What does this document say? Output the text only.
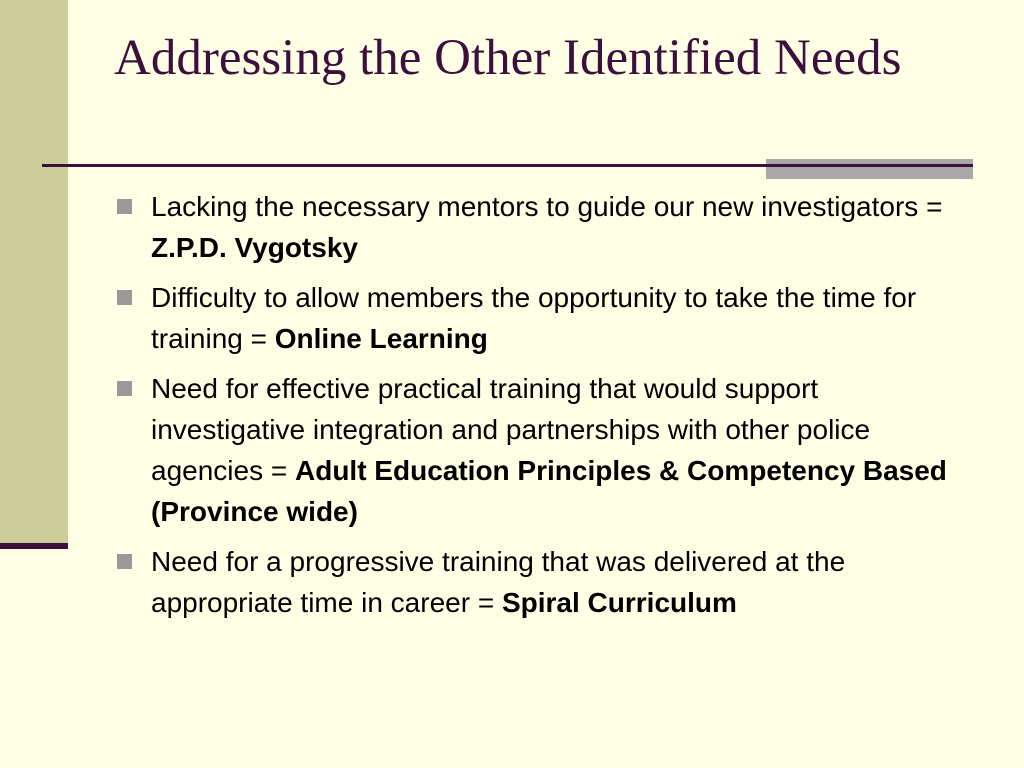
Addressing the Other Identified Needs
Lacking the necessary mentors to guide our new investigators = Z.P.D. Vygotsky
Difficulty to allow members the opportunity to take the time for training = Online Learning
Need for effective practical training that would support investigative integration and partnerships with other police agencies = Adult Education Principles & Competency Based (Province wide)
Need for a progressive training that was delivered at the appropriate time in career = Spiral Curriculum
